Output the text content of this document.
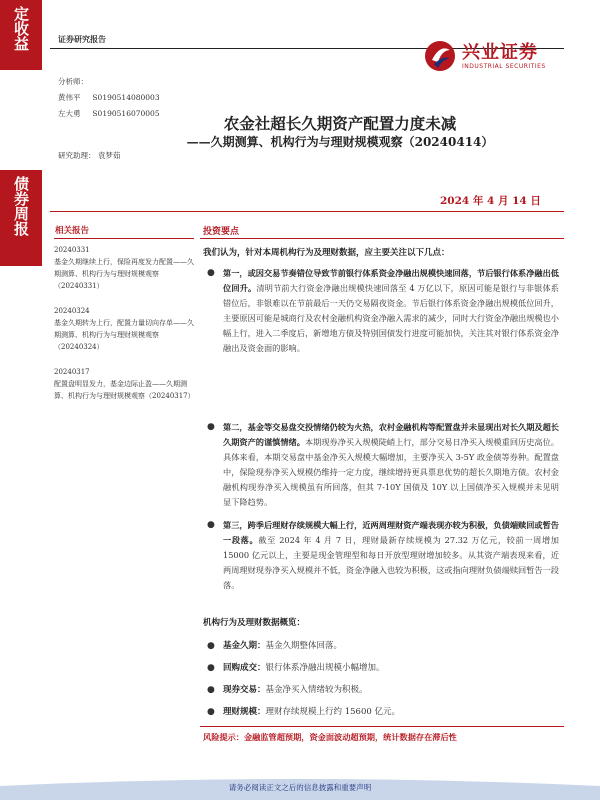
定收益
债券周报
证券研究报告
兴业证券
INDUSTRIAL SECURITIES
分析师：
黄伟平 S0190514080003
左大勇 S0190516070005
研究助理： 袁梦茹
农金社超长久期资产配置力度未减
——久期测算、机构行为与理财规模观察（20240414）
2024 年 4 月 14 日
相关报告
20240331
基金久期继续上行，保险再度发力配置——久期测算、机构行为与理财规模观察（20240331）
20240324
基金久期转为上行，配置力量切向存单——久期测算、机构行为与理财规模观察（20240324）
20240317
配置盘明显发力，基金边际止盈——久期测算、机构行为与理财规模观察（20240317）
投资要点
我们认为，针对本周机构行为及理财数据，应主要关注以下几点：
● 第一，或因交易节奏错位导致节前银行体系资金净融出规模快速回落，节后银行体系净融出低位回升。清明节前大行资金净融出规模快速回落至 4 万亿以下，原因可能是银行与非银体系错位后，非银难以在节前最后一天仍交易隔夜资金。节后银行体系资金净融出规模低位回升，主要原因可能是城商行及农村金融机构资金净融入需求的减少，同时大行资金净融出规模也小幅上行，进入二季度后，新增地方债及特别国债发行进度可能加快，关注其对银行体系资金净融出及资金面的影响。
● 第二，基金等交易盘交投情绪仍较为火热，农村金融机构等配置盘并未显现出对长久期及超长久期资产的谨慎情绪。本期现券净买入规模陡峭上行，部分交易日净买入规模重回历史高位。具体来看，本期交易盘中基金净买入规模大幅增加，主要净买入 3-5Y 政金债等券种。配置盘中，保险现券净买入规模仍维持一定力度，继续增持更具票息优势的超长久期地方债。农村金融机构现券净买入规模虽有所回落，但其 7-10Y 国债及 10Y 以上国债净买入规模并未见明显下降趋势。
● 第三，跨季后理财存续规模大幅上行，近两周理财资产端表现亦较为积极，负债端赎回或暂告一段落。截至 2024 年 4 月 7 日，理财最新存续规模为 27.32 万亿元，较前一周增加 15000 亿元以上，主要是现金管理型和每日开放型理财增加较多。从其资产端表现来看，近两周理财现券净买入规模并不低，资金净融入也较为积极，这或指向理财负债端赎回暂告一段落。
机构行为及理财数据概览：
● 基金久期：基金久期整体回落。
● 回购成交：银行体系净融出规模小幅增加。
● 现券交易：基金净买入情绪较为积极。
● 理财规模：理财存续规模上行约 15600 亿元。
风险提示：金融监管超预期，资金面波动超预期，统计数据存在滞后性
请务必阅读正文之后的信息披露和重要声明
